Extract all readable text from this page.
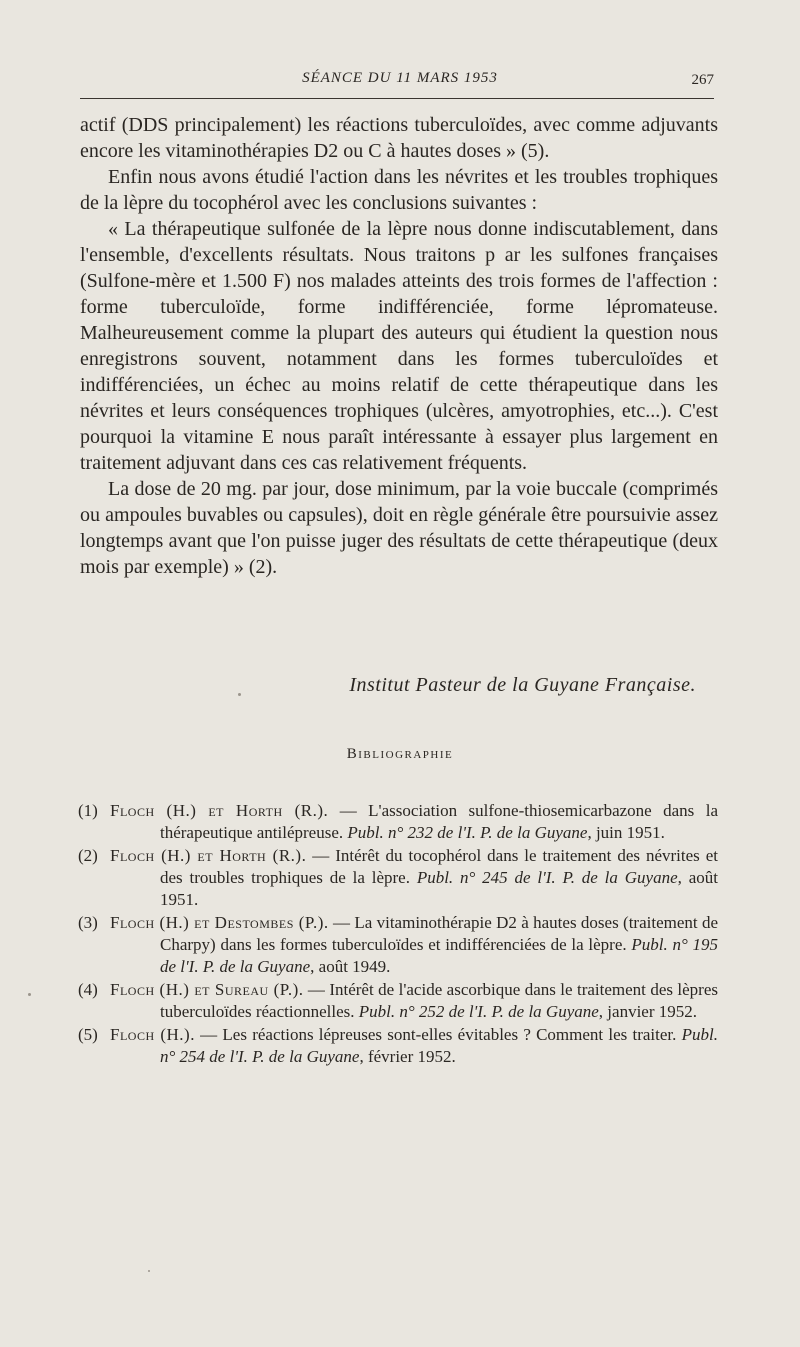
SÉANCE DU 11 MARS 1953	267

actif (DDS principalement) les réactions tuberculoïdes, avec comme adjuvants encore les vitaminothérapies D2 ou C à hautes doses » (5).

Enfin nous avons étudié l'action dans les névrites et les troubles trophiques de la lèpre du tocophérol avec les conclusions suivantes :

« La thérapeutique sulfonée de la lèpre nous donne indiscutablement, dans l'ensemble, d'excellents résultats. Nous traitons p ar les sulfones françaises (Sulfone-mère et 1.500 F) nos malades atteints des trois formes de l'affection : forme tuberculoïde, forme indifférenciée, forme lépromateuse. Malheureusement comme la plupart des auteurs qui étudient la question nous enregistrons souvent, notamment dans les formes tuberculoïdes et indifférenciées, un échec au moins relatif de cette thérapeutique dans les névrites et leurs conséquences trophiques (ulcères, amyotrophies, etc...). C'est pourquoi la vitamine E nous paraît intéressante à essayer plus largement en traitement adjuvant dans ces cas relativement fréquents.

La dose de 20 mg. par jour, dose minimum, par la voie buccale (comprimés ou ampoules buvables ou capsules), doit en règle générale être poursuivie assez longtemps avant que l'on puisse juger des résultats de cette thérapeutique (deux mois par exemple) » (2).

Institut Pasteur de la Guyane Française.
Bibliographie
(1) Floch (H.) et Horth (R.). — L'association sulfone-thiosemicarbazone dans la thérapeutique antilépreuse. Publ. n° 232 de l'I. P. de la Guyane, juin 1951.
(2) Floch (H.) et Horth (R.). — Intérêt du tocophérol dans le traitement des névrites et des troubles trophiques de la lèpre. Publ. n° 245 de l'I. P. de la Guyane, août 1951.
(3) Floch (H.) et Destombes (P.). — La vitaminothérapie D2 à hautes doses (traitement de Charpy) dans les formes tuberculoïdes et indifférenciées de la lèpre. Publ. n° 195 de l'I. P. de la Guyane, août 1949.
(4) Floch (H.) et Sureau (P.). — Intérêt de l'acide ascorbique dans le traitement des lèpres tuberculoïdes réactionnelles. Publ. n° 252 de l'I. P. de la Guyane, janvier 1952.
(5) Floch (H.). — Les réactions lépreuses sont-elles évitables ? Comment les traiter. Publ. n° 254 de l'I. P. de la Guyane, février 1952.
